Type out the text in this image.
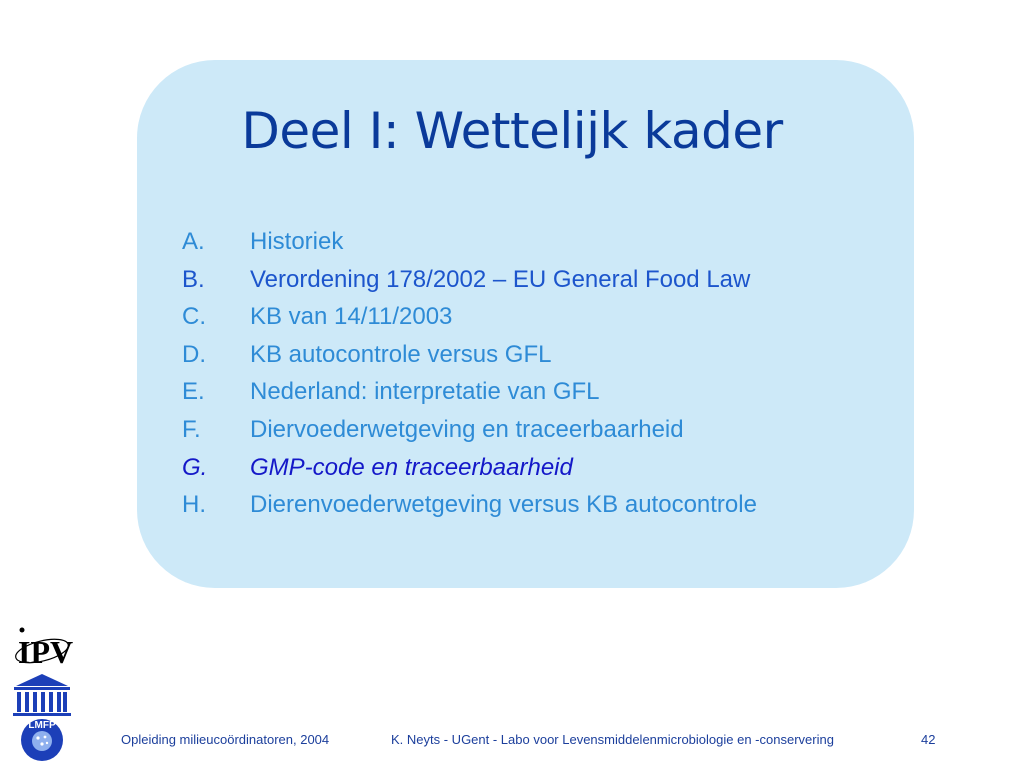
Deel I: Wettelijk kader
A. Historiek
B. Verordening 178/2002 – EU General Food Law
C. KB van 14/11/2003
D. KB autocontrole versus GFL
E. Nederland: interpretatie van GFL
F. Diervoederwetgeving en traceerbaarheid
G. GMP-code en traceerbaarheid
H. Dierenvoederwetgeving versus KB autocontrole
IPV
LMFP
Opleiding milieucoördinatoren, 2004	K. Neyts - UGent - Labo voor Levensmiddelenmicrobiologie en -conservering	42
